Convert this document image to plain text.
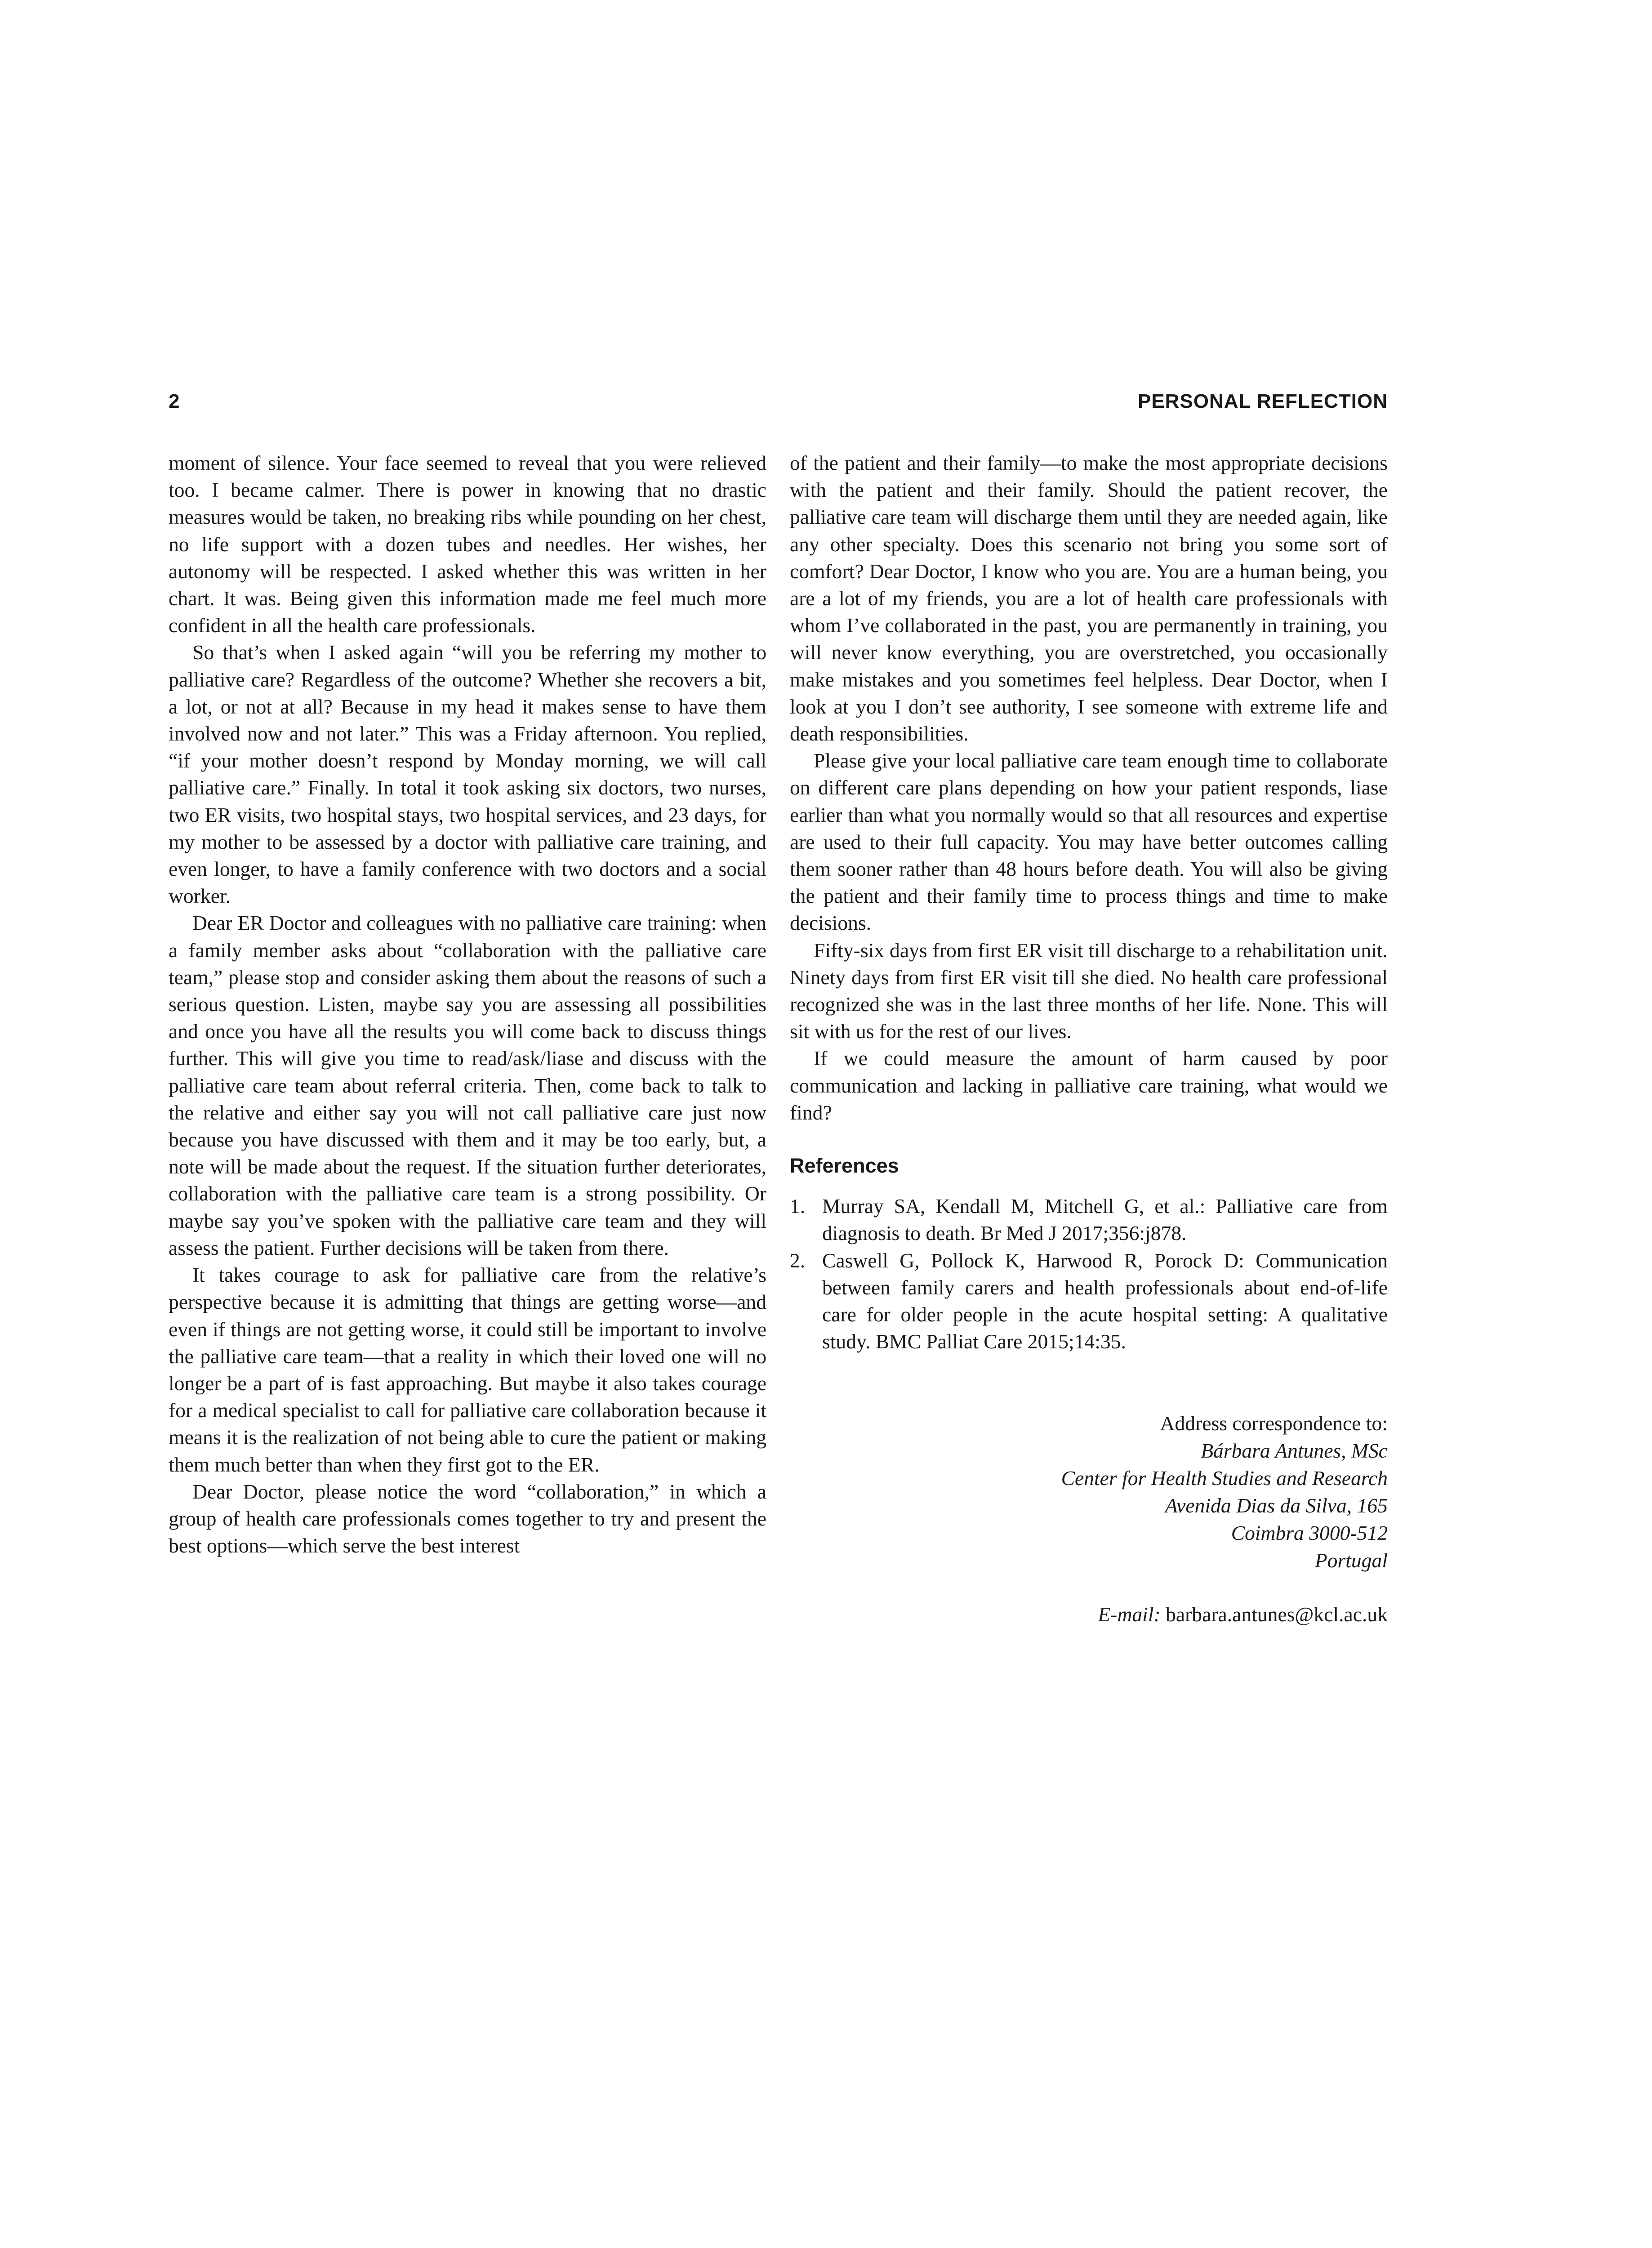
2	PERSONAL REFLECTION

moment of silence. Your face seemed to reveal that you were relieved too. I became calmer. There is power in knowing that no drastic measures would be taken, no breaking ribs while pounding on her chest, no life support with a dozen tubes and needles. Her wishes, her autonomy will be respected. I asked whether this was written in her chart. It was. Being given this information made me feel much more confident in all the health care professionals.

So that’s when I asked again “will you be referring my mother to palliative care? Regardless of the outcome? Whether she recovers a bit, a lot, or not at all? Because in my head it makes sense to have them involved now and not later.” This was a Friday afternoon. You replied, “if your mother doesn’t respond by Monday morning, we will call palliative care.” Finally. In total it took asking six doctors, two nurses, two ER visits, two hospital stays, two hospital services, and 23 days, for my mother to be assessed by a doctor with palliative care training, and even longer, to have a family conference with two doctors and a social worker.

Dear ER Doctor and colleagues with no palliative care training: when a family member asks about “collaboration with the palliative care team,” please stop and consider asking them about the reasons of such a serious question. Listen, maybe say you are assessing all possibilities and once you have all the results you will come back to discuss things further. This will give you time to read/ask/liase and discuss with the palliative care team about referral criteria. Then, come back to talk to the relative and either say you will not call palliative care just now because you have discussed with them and it may be too early, but, a note will be made about the request. If the situation further deteriorates, collaboration with the palliative care team is a strong possibility. Or maybe say you’ve spoken with the palliative care team and they will assess the patient. Further decisions will be taken from there.

It takes courage to ask for palliative care from the relative’s perspective because it is admitting that things are getting worse—and even if things are not getting worse, it could still be important to involve the palliative care team—that a reality in which their loved one will no longer be a part of is fast approaching. But maybe it also takes courage for a medical specialist to call for palliative care collaboration because it means it is the realization of not being able to cure the patient or making them much better than when they first got to the ER.

Dear Doctor, please notice the word “collaboration,” in which a group of health care professionals comes together to try and present the best options—which serve the best interest

of the patient and their family—to make the most appropriate decisions with the patient and their family. Should the patient recover, the palliative care team will discharge them until they are needed again, like any other specialty. Does this scenario not bring you some sort of comfort? Dear Doctor, I know who you are. You are a human being, you are a lot of my friends, you are a lot of health care professionals with whom I’ve collaborated in the past, you are permanently in training, you will never know everything, you are overstretched, you occasionally make mistakes and you sometimes feel helpless. Dear Doctor, when I look at you I don’t see authority, I see someone with extreme life and death responsibilities.

Please give your local palliative care team enough time to collaborate on different care plans depending on how your patient responds, liase earlier than what you normally would so that all resources and expertise are used to their full capacity. You may have better outcomes calling them sooner rather than 48 hours before death. You will also be giving the patient and their family time to process things and time to make decisions.

Fifty-six days from first ER visit till discharge to a rehabilitation unit. Ninety days from first ER visit till she died. No health care professional recognized she was in the last three months of her life. None. This will sit with us for the rest of our lives.

If we could measure the amount of harm caused by poor communication and lacking in palliative care training, what would we find?

References
1. Murray SA, Kendall M, Mitchell G, et al.: Palliative care from diagnosis to death. Br Med J 2017;356:j878.
2. Caswell G, Pollock K, Harwood R, Porock D: Communication between family carers and health professionals about end-of-life care for older people in the acute hospital setting: A qualitative study. BMC Palliat Care 2015;14:35.
Address correspondence to:
Bárbara Antunes, MSc
Center for Health Studies and Research
Avenida Dias da Silva, 165
Coimbra 3000-512
Portugal
E-mail: barbara.antunes@kcl.ac.uk
